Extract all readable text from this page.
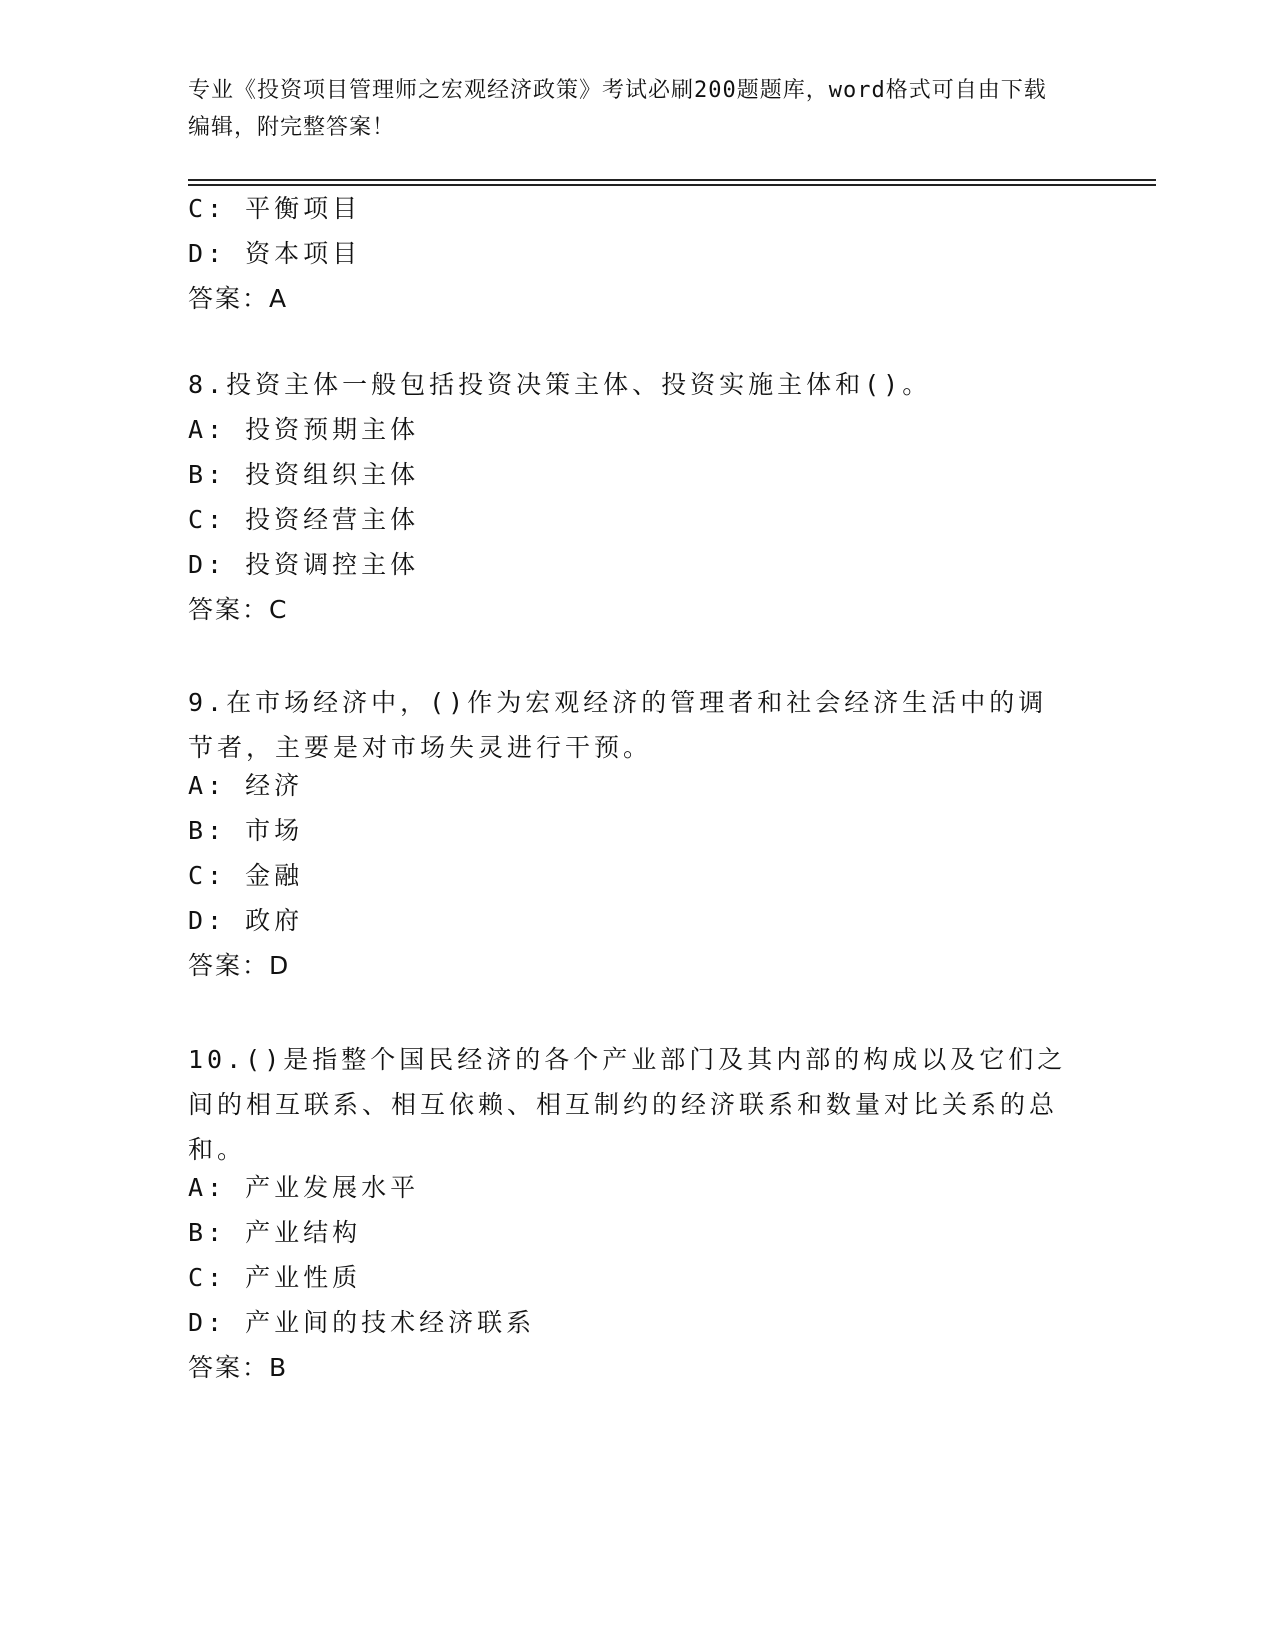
专业《投资项目管理师之宏观经济政策》考试必刷200题题库，word格式可自由下载编辑，附完整答案！
C: 平衡项目
D: 资本项目
答案：A
8.投资主体一般包括投资决策主体、投资实施主体和()。
A: 投资预期主体
B: 投资组织主体
C: 投资经营主体
D: 投资调控主体
答案：C
9.在市场经济中，()作为宏观经济的管理者和社会经济生活中的调节者，主要是对市场失灵进行干预。
A: 经济
B: 市场
C: 金融
D: 政府
答案：D
10.()是指整个国民经济的各个产业部门及其内部的构成以及它们之间的相互联系、相互依赖、相互制约的经济联系和数量对比关系的总和。
A: 产业发展水平
B: 产业结构
C: 产业性质
D: 产业间的技术经济联系
答案：B
